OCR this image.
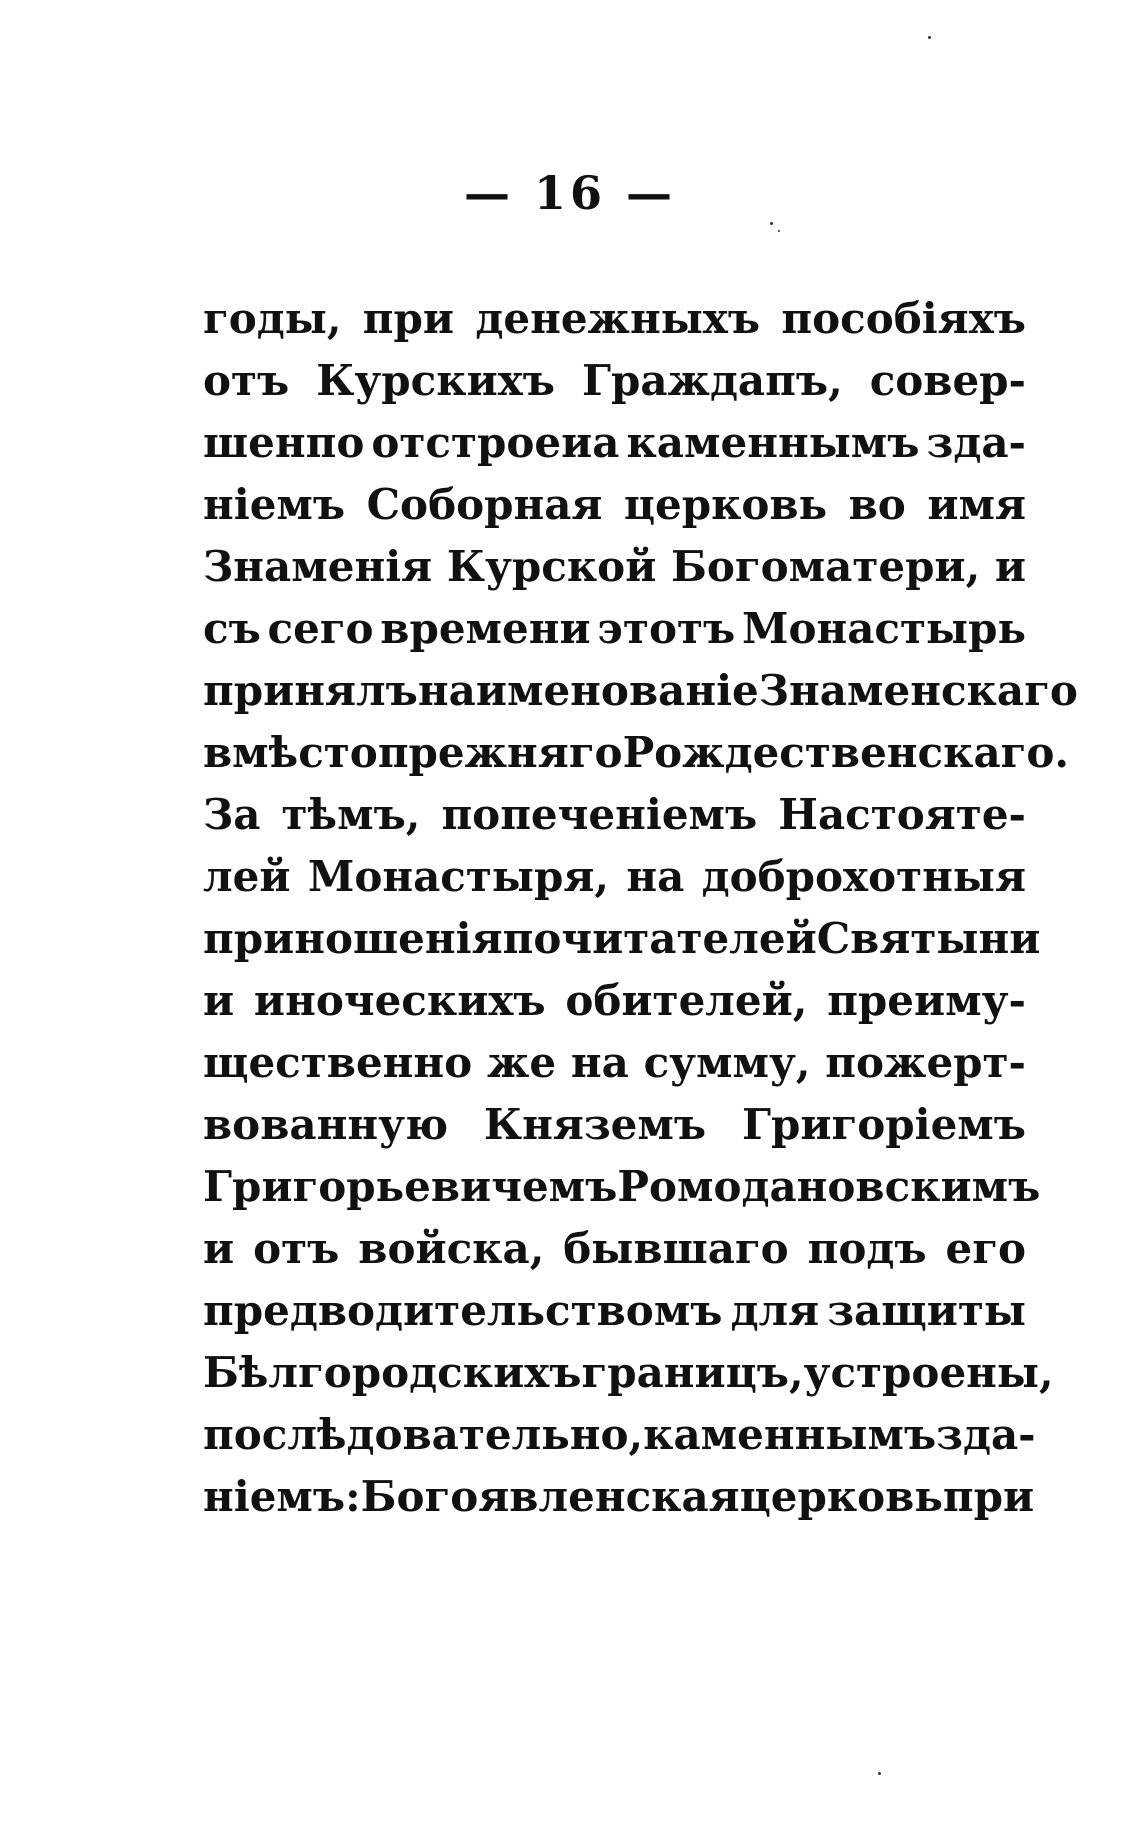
— 16 —
годы, при денежныхъ пособіяхъ
отъ Курскихъ Граждапъ, совер-
шенпо отстроеиа каменнымъ зда-
ніемъ Соборная церковь во имя
Знаменія Курской Богоматери, и
съ сего времени этотъ Монастырь
принялъ наименованіе Знаменскаго
вмѣсто прежняго Рождественскаго.
За тѣмъ, попеченіемъ Настояте-
лей Монастыря, на доброхотныя
приношенія почитателей Святыни
и иноческихъ обителей, преиму-
щественно же на сумму, пожерт-
вованную Княземъ Григоріемъ
Григорьевичемъ Ромодановскимъ
и отъ войска, бывшаго подъ его
предводительствомъ для защиты
Бѣлгородскихъ границъ, устроены,
послѣдовательно, каменнымъ зда-
ніемъ: Богоявленская церковь при
